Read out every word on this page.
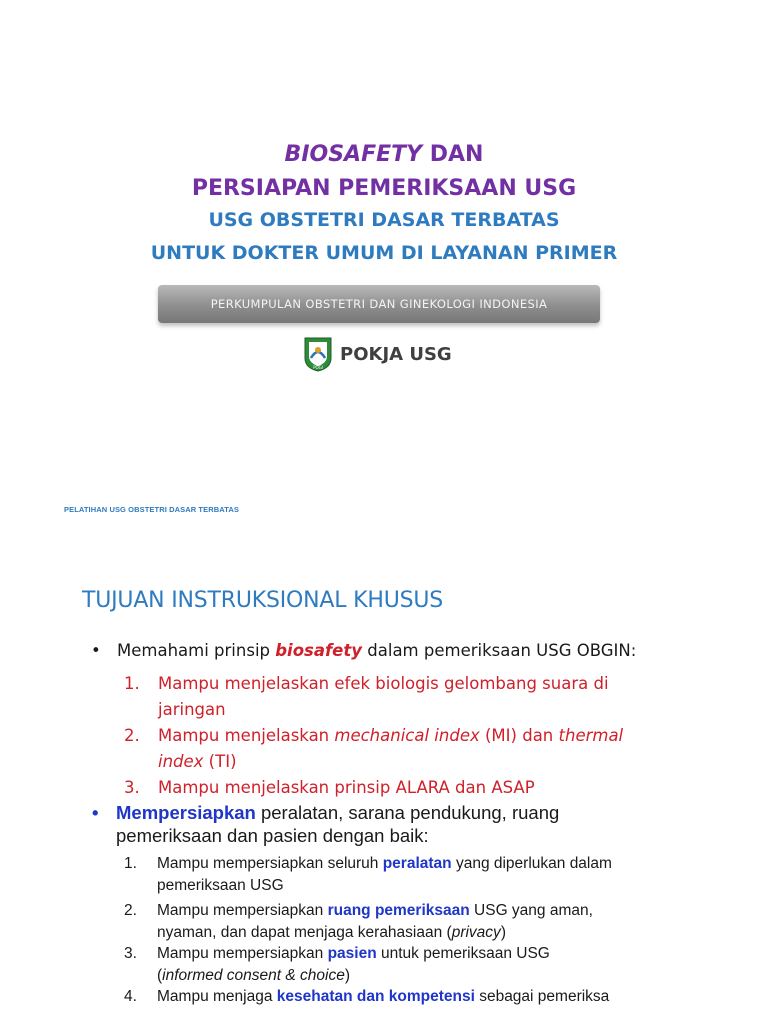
BIOSAFETY DAN
PERSIAPAN PEMERIKSAAN USG
USG OBSTETRI DASAR TERBATAS
UNTUK DOKTER UMUM DI LAYANAN PRIMER
PERKUMPULAN OBSTETRI DAN GINEKOLOGI INDONESIA
POGI
POKJA USG
PELATIHAN USG OBSTETRI DASAR TERBATAS
TUJUAN INSTRUKSIONAL KHUSUS
• Memahami prinsip biosafety dalam pemeriksaan USG OBGIN:
1. Mampu menjelaskan efek biologis gelombang suara di
jaringan
2. Mampu menjelaskan mechanical index (MI) dan thermal
index (TI)
3. Mampu menjelaskan prinsip ALARA dan ASAP
• Mempersiapkan peralatan, sarana pendukung, ruang
pemeriksaan dan pasien dengan baik:
1. Mampu mempersiapkan seluruh peralatan yang diperlukan dalam
pemeriksaan USG
2. Mampu mempersiapkan ruang pemeriksaan USG yang aman,
nyaman, dan dapat menjaga kerahasiaan (privacy)
3. Mampu mempersiapkan pasien untuk pemeriksaan USG
(informed consent & choice)
4. Mampu menjaga kesehatan dan kompetensi sebagai pemeriksa
